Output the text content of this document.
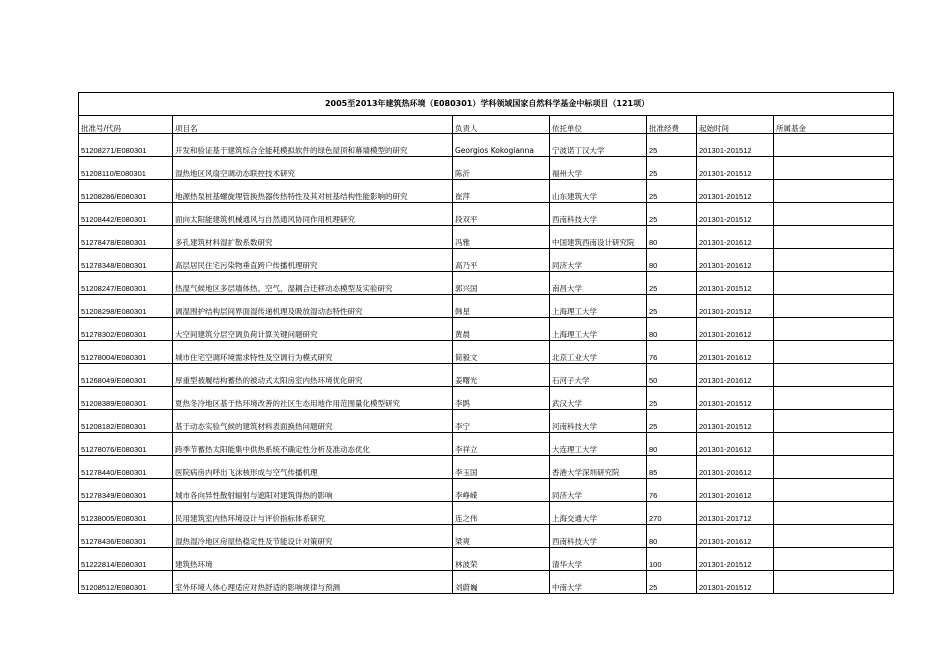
2005至2013年建筑热环境（E080301）学科领域国家自然科学基金中标项目（121项）						
批准号/代码	项目名	负责人	依托单位	批准经费	起始时间	所属基金
51208271/E080301	开发和验证基于建筑综合全能耗模拟软件的绿色屋顶和幕墙模型的研究	Georgios Kokogianna	宁波诺丁汉大学	25	201301-201512	
51208110/E080301	湿热地区风扇空调动态联控技术研究	陈沂	福州大学	25	201301-201512	
51208286/E080301	地源热泵桩基螺旋埋管换热器传热特性及其对桩基结构性能影响的研究	崔萍	山东建筑大学	25	201301-201512	
51208442/E080301	面向太阳能建筑机械通风与自然通风协同作用机理研究	段双平	西南科技大学	25	201301-201512	
51278478/E080301	多孔建筑材料湿扩散系数研究	冯雅	中国建筑西南设计研究院	80	201301-201612	
51278348/E080301	高层居民住宅污染物垂直跨户传播机理研究	高乃平	同济大学	80	201301-201612	
51208247/E080301	热湿气候地区多层墙体热、空气、湿耦合迁移动态模型及实验研究	郭兴国	南昌大学	25	201301-201512	
51208298/E080301	调湿围护结构层间界面湿传递机理及吸放湿动态特性研究	韩星	上海理工大学	25	201301-201512	
51278302/E080301	大空间建筑分层空调负荷计算关键问题研究	黄晨	上海理工大学	80	201301-201612	
51278004/E080301	城市住宅空调环境需求特性及空调行为模式研究	简毅文	北京工业大学	76	201301-201612	
51268049/E080301	厚重型被履结构蓄热的被动式太阳房室内热环境优化研究	姜曙光	石河子大学	50	201301-201612	
51208389/E080301	夏热冬冷地区基于热环境改善的社区生态用地作用范围量化模型研究	李鹍	武汉大学	25	201301-201512	
51208182/E080301	基于动态实验气候的建筑材料表面换热问题研究	李宁	河南科技大学	25	201301-201512	
51278076/E080301	跨季节蓄热太阳能集中供热系统不确定性分析及准动态优化	李祥立	大连理工大学	80	201301-201612	
51278440/E080301	医院病房内呼出飞沫核形成与空气传播机理	李玉国	香港大学深圳研究院	85	201301-201612	
51278349/E080301	城市各向异性散射辐射与遮阳对建筑得热的影响	李峥嵘	同济大学	76	201301-201612	
51238005/E080301	民用建筑室内热环境设计与评价指标体系研究	连之伟	上海交通大学	270	201301-201712	
51278436/E080301	湿热湿冷地区房屋热稳定性及节能设计对策研究	梁爽	西南科技大学	80	201301-201612	
51222814/E080301	建筑热环境	林波荣	清华大学	100	201301-201512	
51208512/E080301	室外环境人体心理适应对热舒适的影响规律与预测	刘蔚巍	中南大学	25	201301-201512	
